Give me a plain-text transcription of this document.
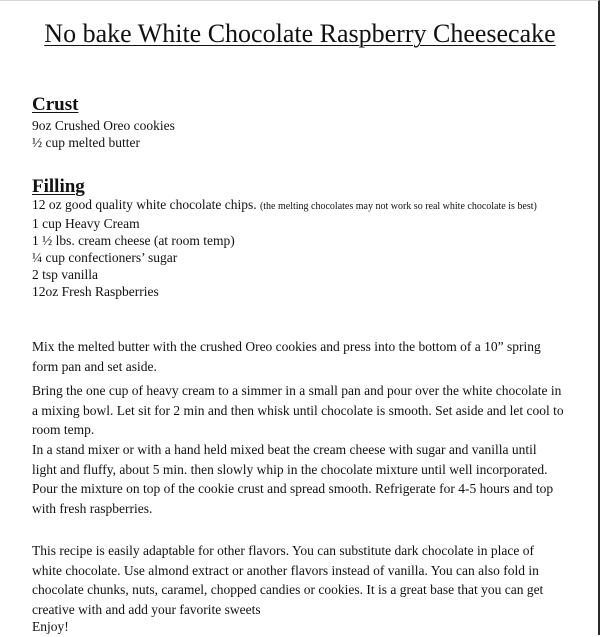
No bake White Chocolate Raspberry Cheesecake
Crust
9oz Crushed Oreo cookies
½ cup melted butter
Filling
12 oz good quality white chocolate chips. (the melting chocolates may not work so real white chocolate is best)
1 cup Heavy Cream
1 ½ lbs. cream cheese (at room temp)
¼ cup confectioners’ sugar
2 tsp vanilla
12oz Fresh Raspberries

Mix the melted butter with the crushed Oreo cookies and press into the bottom of a 10” spring form pan and set aside.

Bring the one cup of heavy cream to a simmer in a small pan and pour over the white chocolate in a mixing bowl. Let sit for 2 min and then whisk until chocolate is smooth. Set aside and let cool to room temp.

In a stand mixer or with a hand held mixed beat the cream cheese with sugar and vanilla until light and fluffy, about 5 min. then slowly whip in the chocolate mixture until well incorporated. Pour the mixture on top of the cookie crust and spread smooth. Refrigerate for 4-5 hours and top with fresh raspberries.

This recipe is easily adaptable for other flavors. You can substitute dark chocolate in place of white chocolate. Use almond extract or another flavors instead of vanilla. You can also fold in chocolate chunks, nuts, caramel, chopped candies or cookies. It is a great base that you can get creative with and add your favorite sweets

Enjoy!
